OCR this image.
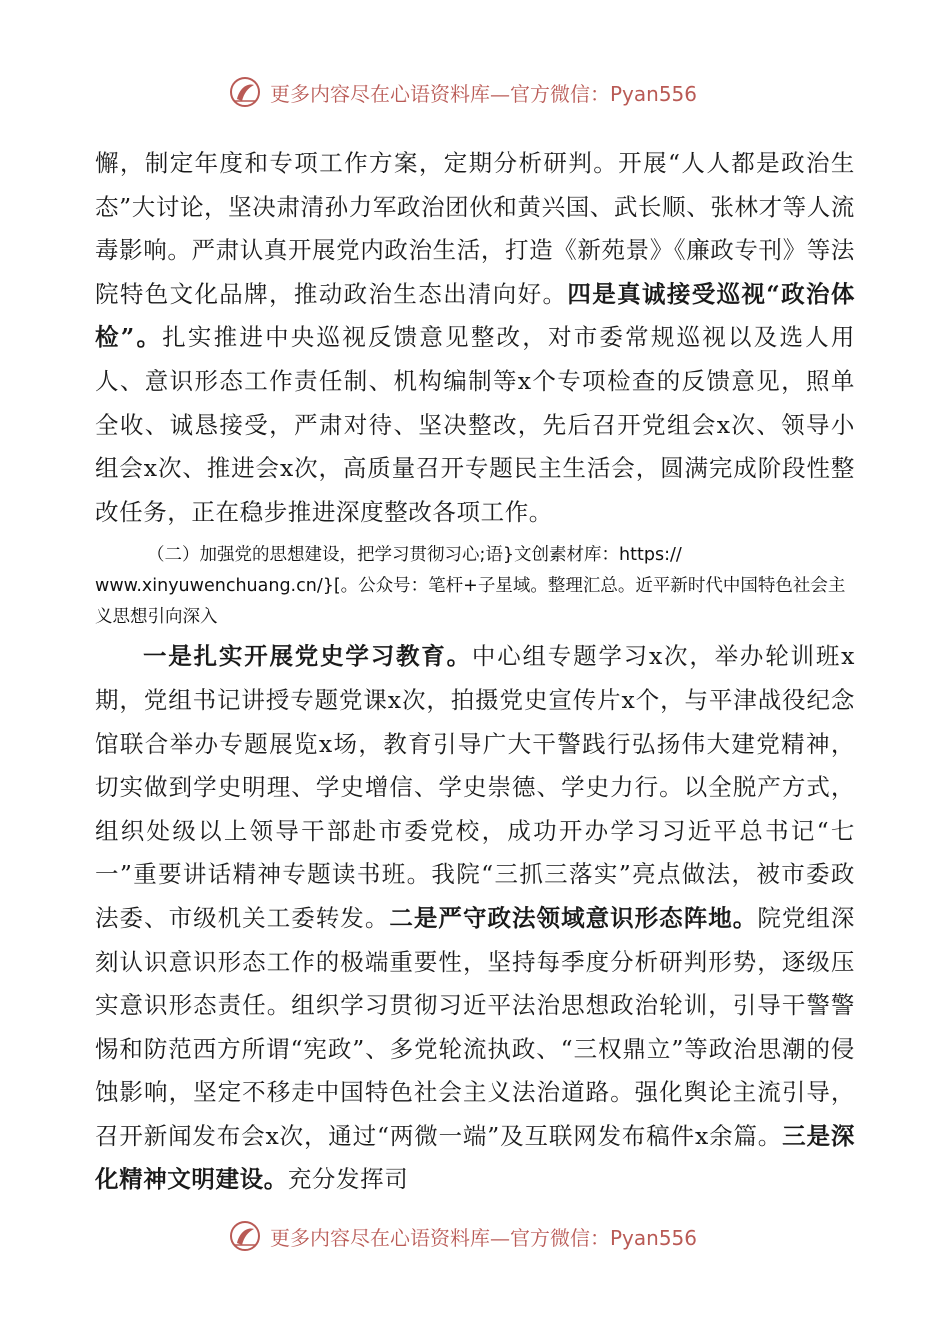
更多内容尽在心语资料库—官方微信：Pyan556

懈，制定年度和专项工作方案，定期分析研判。开展“人人都是政治生态”大讨论，坚决肃清孙力军政治团伙和黄兴国、武长顺、张林才等人流毒影响。严肃认真开展党内政治生活，打造《新苑景》《廉政专刊》等法院特色文化品牌，推动政治生态出清向好。四是真诚接受巡视“政治体检”。扎实推进中央巡视反馈意见整改，对市委常规巡视以及选人用人、意识形态工作责任制、机构编制等x个专项检查的反馈意见，照单全收、诚恳接受，严肃对待、坚决整改，先后召开党组会x次、领导小组会x次、推进会x次，高质量召开专题民主生活会，圆满完成阶段性整改任务，正在稳步推进深度整改各项工作。

（二）加强党的思想建设，把学习贯彻习心;语}文创素材库：https://
www.xinyuwenchuang.cn/}[。公众号：笔杆+子星域。整理汇总。近平新时代中国特色社会主
义思想引向深入

一是扎实开展党史学习教育。中心组专题学习x次，举办轮训班x期，党组书记讲授专题党课x次，拍摄党史宣传片x个，与平津战役纪念馆联合举办专题展览x场，教育引导广大干警践行弘扬伟大建党精神，切实做到学史明理、学史增信、学史崇德、学史力行。以全脱产方式，组织处级以上领导干部赴市委党校，成功开办学习习近平总书记“七一”重要讲话精神专题读书班。我院“三抓三落实”亮点做法，被市委政法委、市级机关工委转发。二是严守政法领域意识形态阵地。院党组深刻认识意识形态工作的极端重要性，坚持每季度分析研判形势，逐级压实意识形态责任。组织学习贯彻习近平法治思想政治轮训，引导干警警惕和防范西方所谓“宪政”、多党轮流执政、“三权鼎立”等政治思潮的侵蚀影响，坚定不移走中国特色社会主义法治道路。强化舆论主流引导，召开新闻发布会x次，通过“两微一端”及互联网发布稿件x余篇。三是深化精神文明建设。充分发挥司

更多内容尽在心语资料库—官方微信：Pyan556
